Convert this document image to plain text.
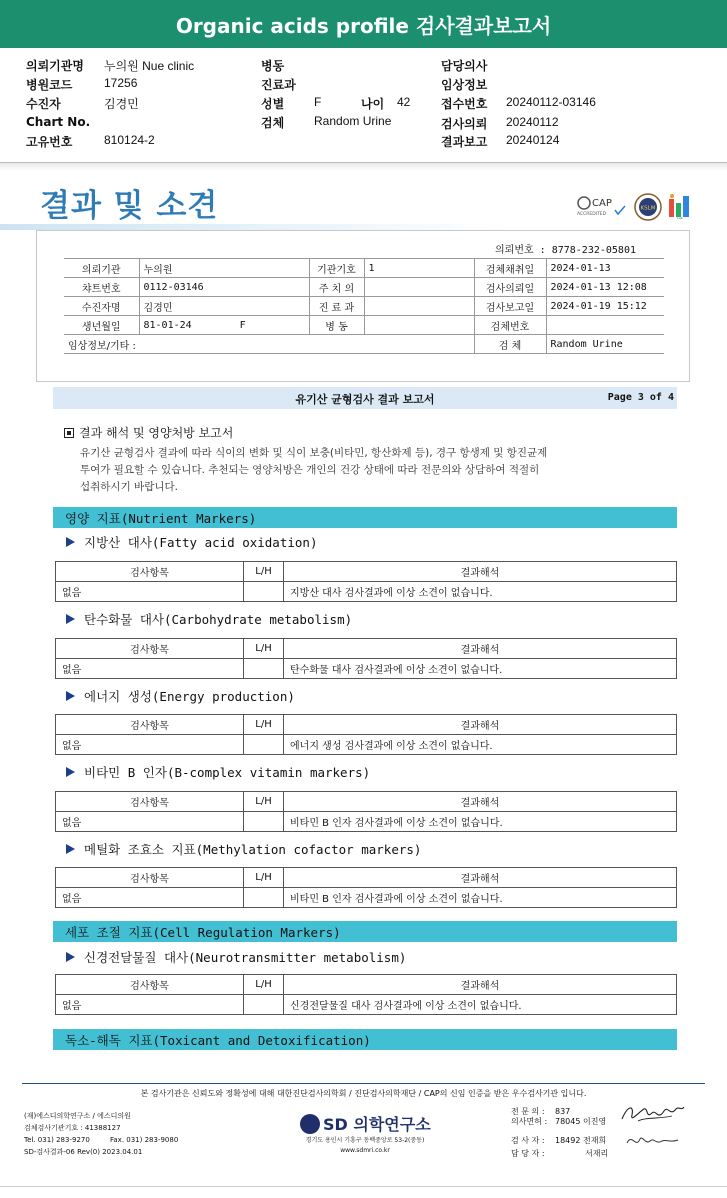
Organic acids profile 검사결과보고서
의뢰기관명 누의원 Nue clinic
병원코드	17256
수진자	김경민
Chart No.
고유번호	810124-2
병동
진료과
성별 F	나이 42
검체 Random Urine
담당의사
임상정보
접수번호 20240112-03146
검사의뢰 20240112
결과보고 20240124
결과 및 소견	CAP
ACCREDITED
KSLM
Lab
의뢰번호 : 8778-232-05801
의뢰기관	누의원	기관기호	1	검체채취일	2024-01-13
챠트번호	0112-03146	주 치 의		검사의뢰일	2024-01-13 12:08
수진자명	김경민	진 료 과		검사보고일	2024-01-19 15:12
생년월일	81-01-24 F	병 동		검체번호	
임상정보/기타 :				검 체	Random Urine
유기산 균형검사 결과 보고서	Page 3 of 4
결과 해석 및 영양처방 보고서
유기산 균형검사 결과에 따라 식이의 변화 및 식이 보충(비타민, 항산화제 등), 경구 항생제 및 항진균제
투여가 필요할 수 있습니다. 추천되는 영양처방은 개인의 건강 상태에 따라 전문의와 상담하여 적절히
섭취하시기 바랍니다.
영양 지표(Nutrient Markers)
지방산 대사(Fatty acid oxidation)
검사항목	L/H	결과해석
없음		지방산 대사 검사결과에 이상 소견이 없습니다.
탄수화물 대사(Carbohydrate metabolism)
검사항목	L/H	결과해석
없음		탄수화물 대사 검사결과에 이상 소견이 없습니다.
에너지 생성(Energy production)
검사항목	L/H	결과해석
없음		에너지 생성 검사결과에 이상 소견이 없습니다.
비타민 B 인자(B-complex vitamin markers)
검사항목	L/H	결과해석
없음		비타민 B 인자 검사결과에 이상 소견이 없습니다.
메틸화 조효소 지표(Methylation cofactor markers)
검사항목	L/H	결과해석
없음		비타민 B 인자 검사결과에 이상 소견이 없습니다.
세포 조절 지표(Cell Regulation Markers)
신경전달물질 대사(Neurotransmitter metabolism)
검사항목	L/H	결과해석
없음		신경전달물질 대사 검사결과에 이상 소견이 없습니다.
독소-해독 지표(Toxicant and Detoxification)
본 검사기관은 신뢰도와 정확성에 대해 대한진단검사의학회 / 진단검사의학재단 / CAP의 신임 인증을 받은 우수검사기관 입니다.
(재)에스디의학연구소 / 에스디의원
검체검사기관기호 : 41388127
Tel. 031) 283-9270	Fax. 031) 283-9080
SD-검사결과-06 Rev(0) 2023.04.01
SD 의학연구소
경기도 용인시 기흥구 동백중앙로 53-2(중동)
www.sdmri.co.kr
전 문 의 : 837
의사면허 : 78045 이진영
검 사 자 : 18492 전재희
담 당 자 :	서재리
